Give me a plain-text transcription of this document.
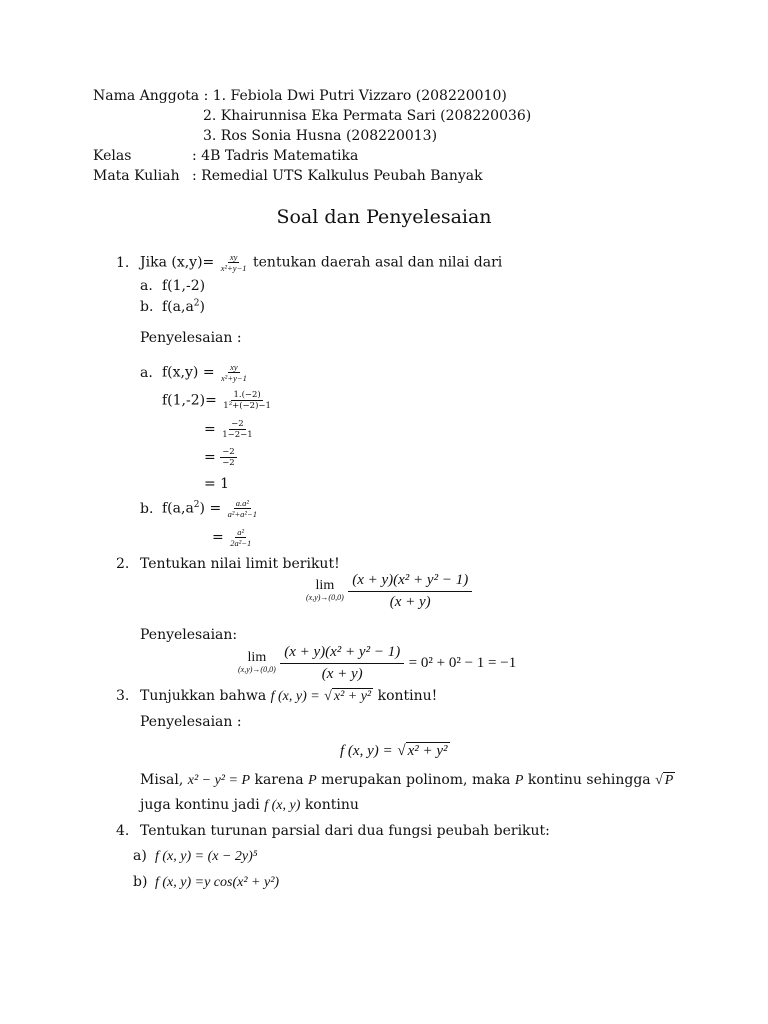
Nama Anggota : 1. Febiola Dwi Putri Vizzaro (208220010)
2. Khairunnisa Eka Permata Sari (208220036)
3. Ros Sonia Husna (208220013)
Kelas	: 4B Tadris Matematika
Mata Kuliah : Remedial UTS Kalkulus Peubah Banyak
Soal dan Penyelesaian
1. Jika $(x,y)= \frac{xy}{\text{x²+y−1}}$ tentukan daerah asal dan nilai dari
a. f(1,-2)
b. $f(a,a^2)$
Penyelesaian :
a. $f(x,y) = \frac{xy}{\text{x²+y−1}}$
$f(1,-2)= \frac{1.(-2)}{\text{1²+(−2)−1}}$
= $\frac{-2}{1-2-1}$
= $\frac{-2}{-2}$
= 1
b. $f(a,a^2) = \frac{\text{a.a²}}{\text{a²+a²−1}}$
= $\frac{\text{a²}}{\text{2a²−1}}$
2. Tentukan nilai limit berikut!
lim
(x,y)→(0,0)
$\frac{\text{(x + y)(x² + y² − 1)}}{(x + y)}$
Penyelesaian:
lim
(x,y)→(0,0)
$\frac{\text{(x + y)(x² + y² − 1)}}{(x + y)} = 0^2 + 0^2 - 1 = -1$
3. Tunjukkan bahwa f (x, y) = √ x² + y² kontinu!
Penyelesaian :
f (x, y) = √ x² + y²
Misal, x² − y² = P karena P merupakan polinom, maka P kontinu sehingga √ P
juga kontinu jadi f (x, y) kontinu
4. Tentukan turunan parsial dari dua fungsi peubah berikut:
a) f (x, y) = (x − 2y)⁵
b) f (x, y) =y cos(x² + y²)
